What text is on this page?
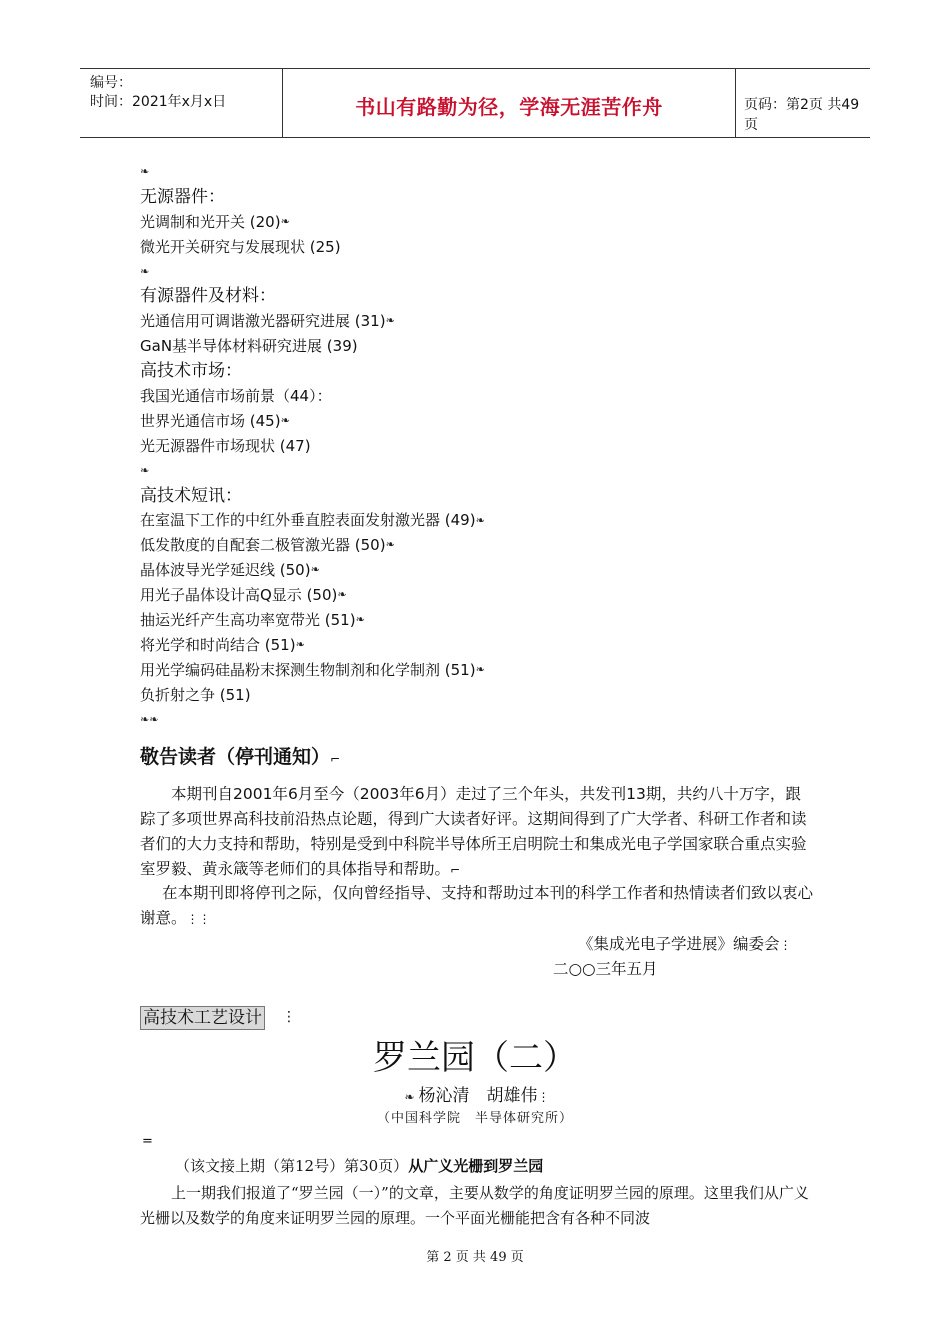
编号：
时间：2021年x月x日	书山有路勤为径，学海无涯苦作舟	页码：第2页 共49页
❧
无源器件：
光调制和光开关 (20)❧
微光开关研究与发展现状 (25)
❧
有源器件及材料：
光通信用可调谐激光器研究进展 (31)❧
GaN基半导体材料研究进展 (39)
高技术市场：
我国光通信市场前景（44）：
世界光通信市场 (45)❧
光无源器件市场现状 (47)
❧
高技术短讯：
在室温下工作的中红外垂直腔表面发射激光器 (49)❧
低发散度的自配套二极管激光器 (50)❧
晶体波导光学延迟线 (50)❧
用光子晶体设计高Q显示 (50)❧
抽运光纤产生高功率宽带光 (51)❧
将光学和时尚结合 (51)❧
用光学编码硅晶粉末探测生物制剂和化学制剂 (51)❧
负折射之争 (51)
❧❧
敬告读者（停刊通知）⌐
本期刊自2001年6月至今（2003年6月）走过了三个年头，共发刊13期，共约八十万字，跟踪了多项世界高科技前沿热点论题，得到广大读者好评。这期间得到了广大学者、科研工作者和读者们的大力支持和帮助，特别是受到中科院半导体所王启明院士和集成光电子学国家联合重点实验室罗毅、黄永箴等老师们的具体指导和帮助。⌐
在本期刊即将停刊之际，仅向曾经指导、支持和帮助过本刊的科学工作者和热情读者们致以衷心谢意。⋮⋮
《集成光电子学进展》编委会⋮
二○○三年五月
高技术工艺设计 ⋮
罗兰园（二）
❧ 杨沁清　胡雄伟⋮
（中国科学院　半导体研究所）
=
（该文接上期（第12号）第30页）从广义光栅到罗兰园
上一期我们报道了“罗兰园（一）”的文章，主要从数学的角度证明罗兰园的原理。这里我们从广义光栅以及数学的角度来证明罗兰园的原理。一个平面光栅能把含有各种不同波
第 2 页 共 49 页
